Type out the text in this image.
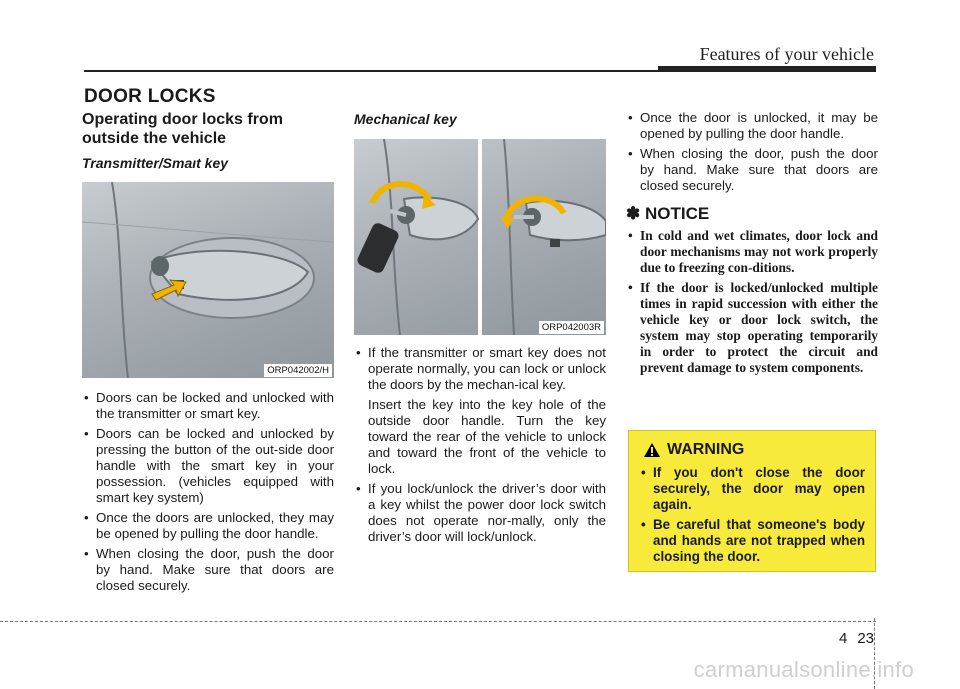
Features of your vehicle
DOOR LOCKS
Operating door locks from outside the vehicle
Transmitter/Smaıt key
ORP042002/H
• Doors can be locked and unlocked with the transmitter or smart key.
• Doors can be locked and unlocked by pressing the button of the out-side door handle with the smart key in your possession. (vehicles equipped with smart key system)
• Once the doors are unlocked, they may be opened by pulling the door handle.
• When closing the door, push the door by hand. Make sure that doors are closed securely.
Mechanical key
ORP042003R
• If the transmitter or smart key does not operate normally, you can lock or unlock the doors by the mechan-ical key.
Insert the key into the key hole of the outside door handle. Turn the key toward the rear of the vehicle to unlock and toward the front of the vehicle to lock.
• If you lock/unlock the driver’s door with a key whilst the power door lock switch does not operate nor-mally, only the driver’s door will lock/unlock.
• Once the door is unlocked, it may be opened by pulling the door handle.
• When closing the door, push the door by hand. Make sure that doors are closed securely.
✽ NOTICE
• In cold and wet climates, door lock and door mechanisms may not work properly due to freezing con-ditions.
• If the door is locked/unlocked multiple times in rapid succession with either the vehicle key or door lock switch, the system may stop operating temporarily in order to protect the circuit and prevent damage to system components.
WARNING
• If you don't close the door securely, the door may open again.
• Be careful that someone's body and hands are not trapped when closing the door.
4 23
carmanualsonline.info
